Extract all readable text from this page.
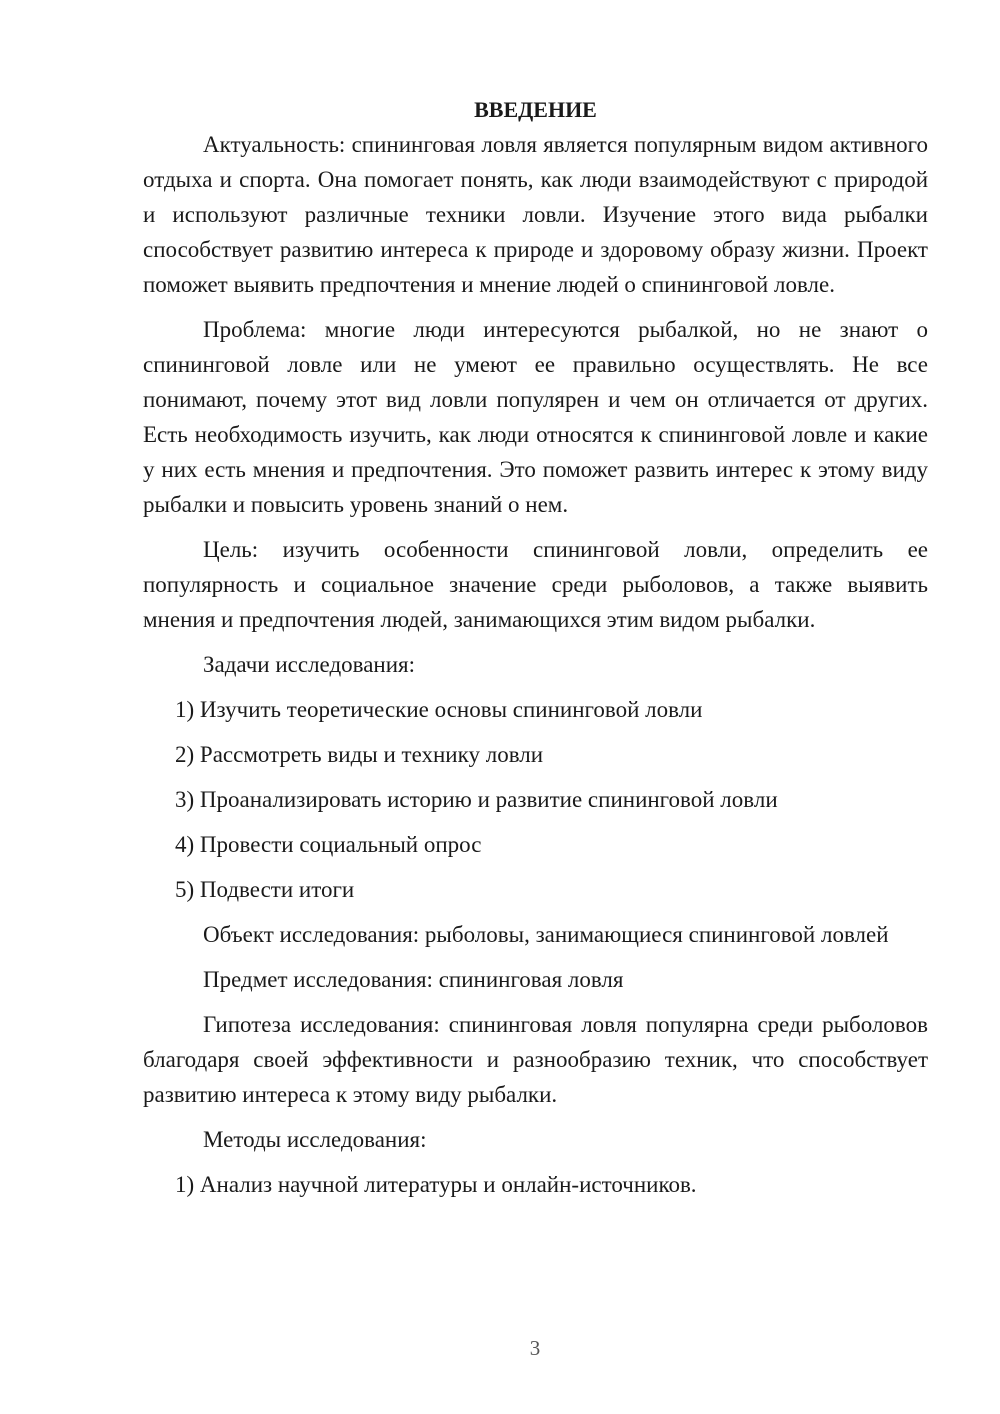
ВВЕДЕНИЕ

Актуальность: спининговая ловля является популярным видом активного отдыха и спорта. Она помогает понять, как люди взаимодействуют с природой и используют различные техники ловли. Изучение этого вида рыбалки способствует развитию интереса к природе и здоровому образу жизни. Проект поможет выявить предпочтения и мнение людей о спининговой ловле.

Проблема: многие люди интересуются рыбалкой, но не знают о спининговой ловле или не умеют ее правильно осуществлять. Не все понимают, почему этот вид ловли популярен и чем он отличается от других. Есть необходимость изучить, как люди относятся к спининговой ловле и какие у них есть мнения и предпочтения. Это поможет развить интерес к этому виду рыбалки и повысить уровень знаний о нем.

Цель: изучить особенности спининговой ловли, определить ее популярность и социальное значение среди рыболовов, а также выявить мнения и предпочтения людей, занимающихся этим видом рыбалки.

Задачи исследования:

1) Изучить теоретические основы спининговой ловли

2) Рассмотреть виды и технику ловли

3) Проанализировать историю и развитие спининговой ловли

4) Провести социальный опрос

5) Подвести итоги

Объект исследования: рыболовы, занимающиеся спининговой ловлей

Предмет исследования: спининговая ловля

Гипотеза исследования: спининговая ловля популярна среди рыболовов благодаря своей эффективности и разнообразию техник, что способствует развитию интереса к этому виду рыбалки.

Методы исследования:

1) Анализ научной литературы и онлайн-источников.

3
